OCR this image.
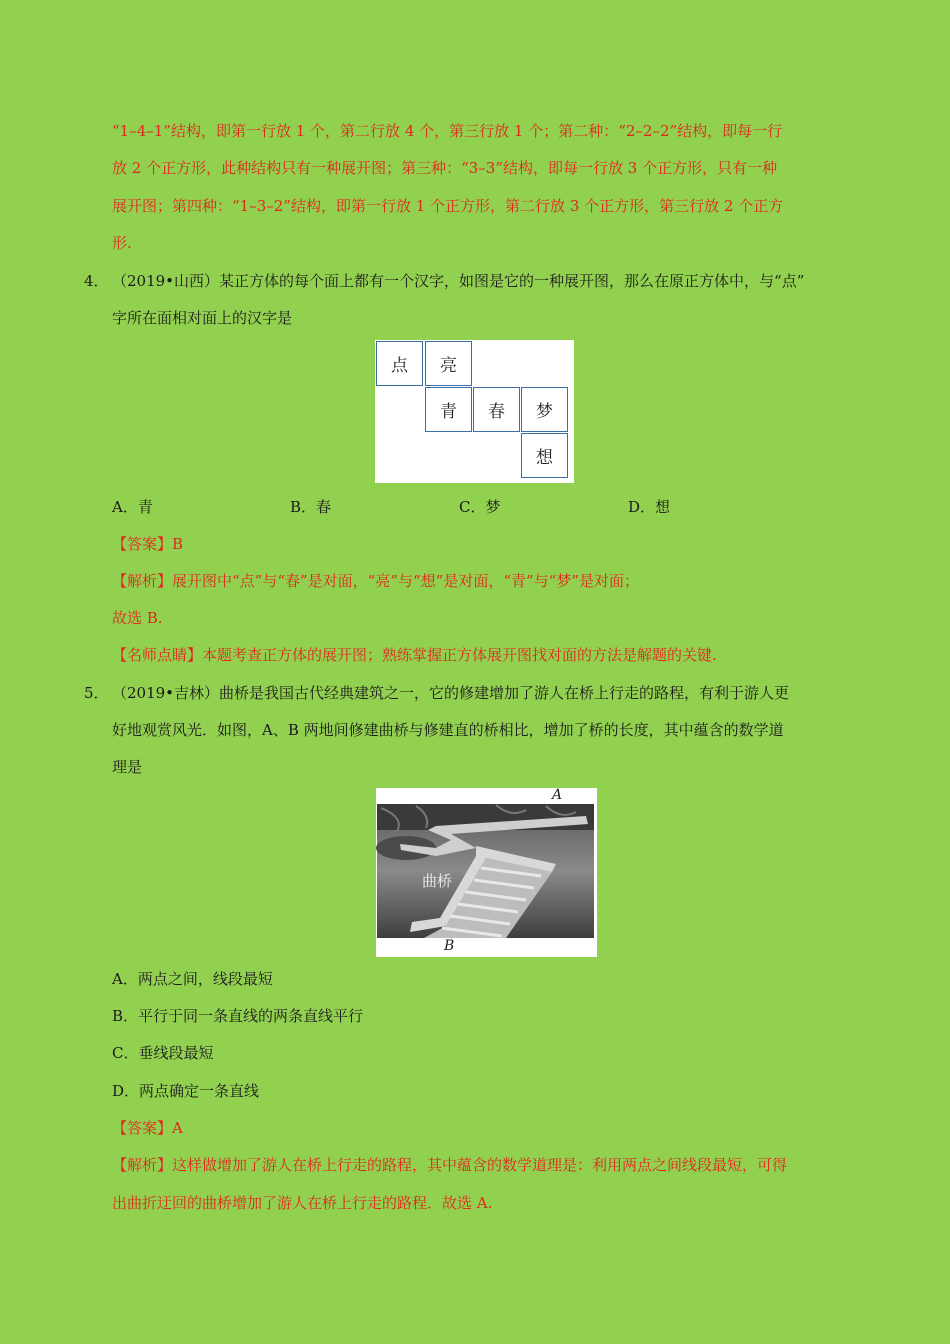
“1–4–1”结构，即第一行放 1 个，第二行放 4 个，第三行放 1 个；第二种：“2–2–2”结构，即每一行
放 2 个正方形，此种结构只有一种展开图；第三种：“3–3”结构，即每一行放 3 个正方形，只有一种
展开图；第四种：“1–3–2”结构，即第一行放 1 个正方形，第二行放 3 个正方形，第三行放 2 个正方
形.
4． （2019•山西）某正方体的每个面上都有一个汉字，如图是它的一种展开图，那么在原正方体中，与“点”
字所在面相对面上的汉字是
点	亮
青	春	梦
想
A．青	B．春	C．梦	D．想
【答案】B
【解析】展开图中“点”与“春”是对面，“亮”与“想”是对面，“青”与“梦”是对面；
故选 B.
【名师点睛】本题考查正方体的展开图；熟练掌握正方体展开图找对面的方法是解题的关键.
5． （2019•吉林）曲桥是我国古代经典建筑之一，它的修建增加了游人在桥上行走的路程，有利于游人更
好地观赏风光．如图，A、B 两地间修建曲桥与修建直的桥相比，增加了桥的长度，其中蕴含的数学道
理是
A
曲桥
B
A．两点之间，线段最短
B．平行于同一条直线的两条直线平行
C．垂线段最短
D．两点确定一条直线
【答案】A
【解析】这样做增加了游人在桥上行走的路程，其中蕴含的数学道理是：利用两点之间线段最短，可得
出曲折迂回的曲桥增加了游人在桥上行走的路程．故选 A.
